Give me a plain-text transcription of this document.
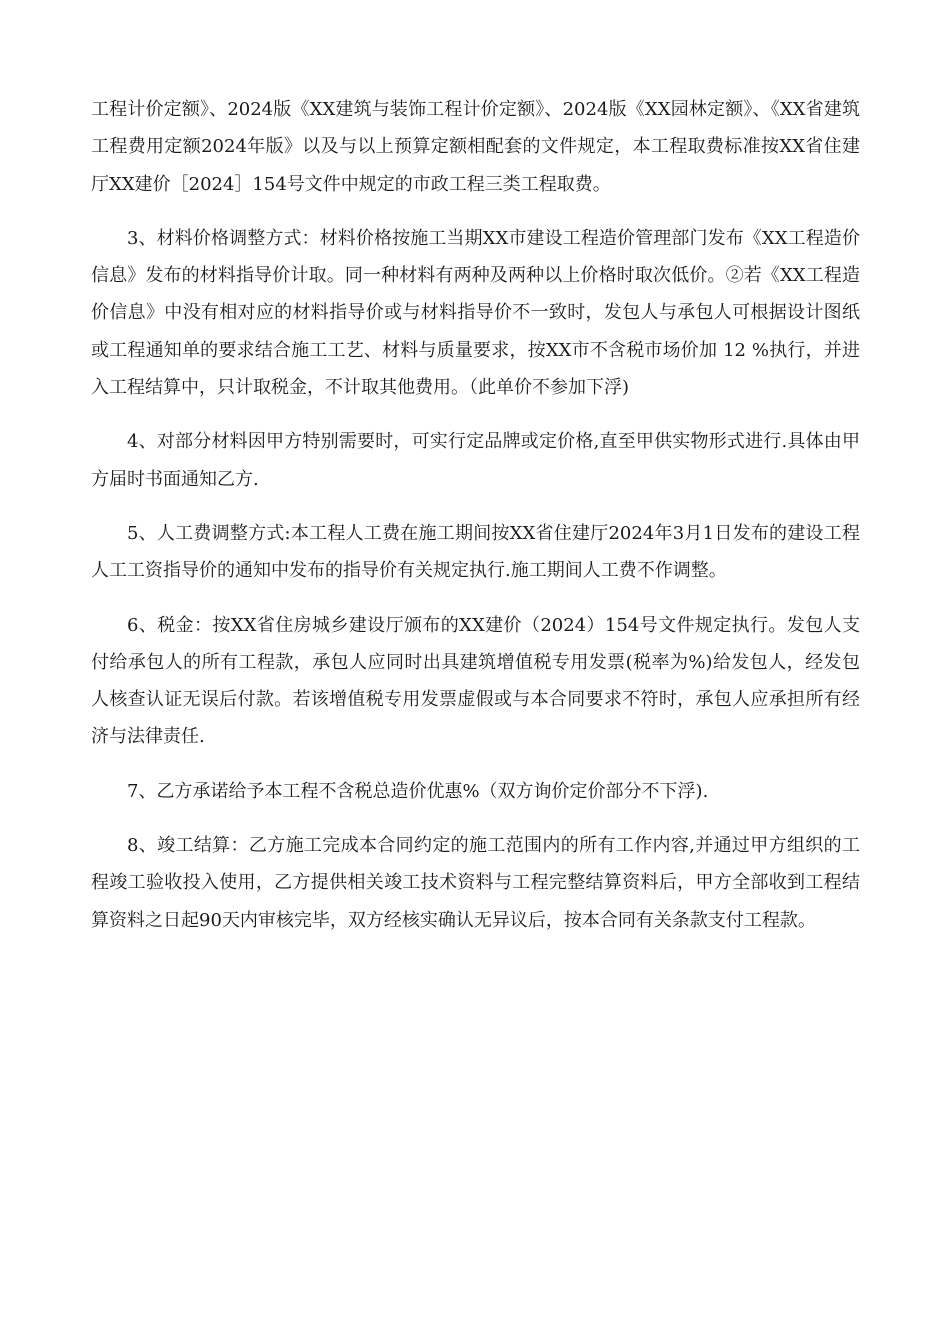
工程计价定额》、2024版《XX建筑与装饰工程计价定额》、2024版《XX园林定额》、《XX省建筑工程费用定额2024年版》以及与以上预算定额相配套的文件规定，本工程取费标准按XX省住建厅XX建价［2024］154号文件中规定的市政工程三类工程取费。

3、材料价格调整方式：材料价格按施工当期XX市建设工程造价管理部门发布《XX工程造价信息》发布的材料指导价计取。同一种材料有两种及两种以上价格时取次低价。②若《XX工程造价信息》中没有相对应的材料指导价或与材料指导价不一致时，发包人与承包人可根据设计图纸或工程通知单的要求结合施工工艺、材料与质量要求，按XX市不含税市场价加 12 %执行，并进入工程结算中，只计取税金，不计取其他费用。（此单价不参加下浮)

4、对部分材料因甲方特别需要时，可实行定品牌或定价格,直至甲供实物形式进行.具体由甲方届时书面通知乙方.

5、人工费调整方式:本工程人工费在施工期间按XX省住建厅2024年3月1日发布的建设工程人工工资指导价的通知中发布的指导价有关规定执行.施工期间人工费不作调整。

6、税金：按XX省住房城乡建设厅颁布的XX建价（2024）154号文件规定执行。发包人支付给承包人的所有工程款，承包人应同时出具建筑增值税专用发票(税率为%)给发包人，经发包人核查认证无误后付款。若该增值税专用发票虚假或与本合同要求不符时，承包人应承担所有经济与法律责任.

7、乙方承诺给予本工程不含税总造价优惠%（双方询价定价部分不下浮).

8、竣工结算：乙方施工完成本合同约定的施工范围内的所有工作内容,并通过甲方组织的工程竣工验收投入使用，乙方提供相关竣工技术资料与工程完整结算资料后，甲方全部收到工程结算资料之日起90天内审核完毕，双方经核实确认无异议后，按本合同有关条款支付工程款。
